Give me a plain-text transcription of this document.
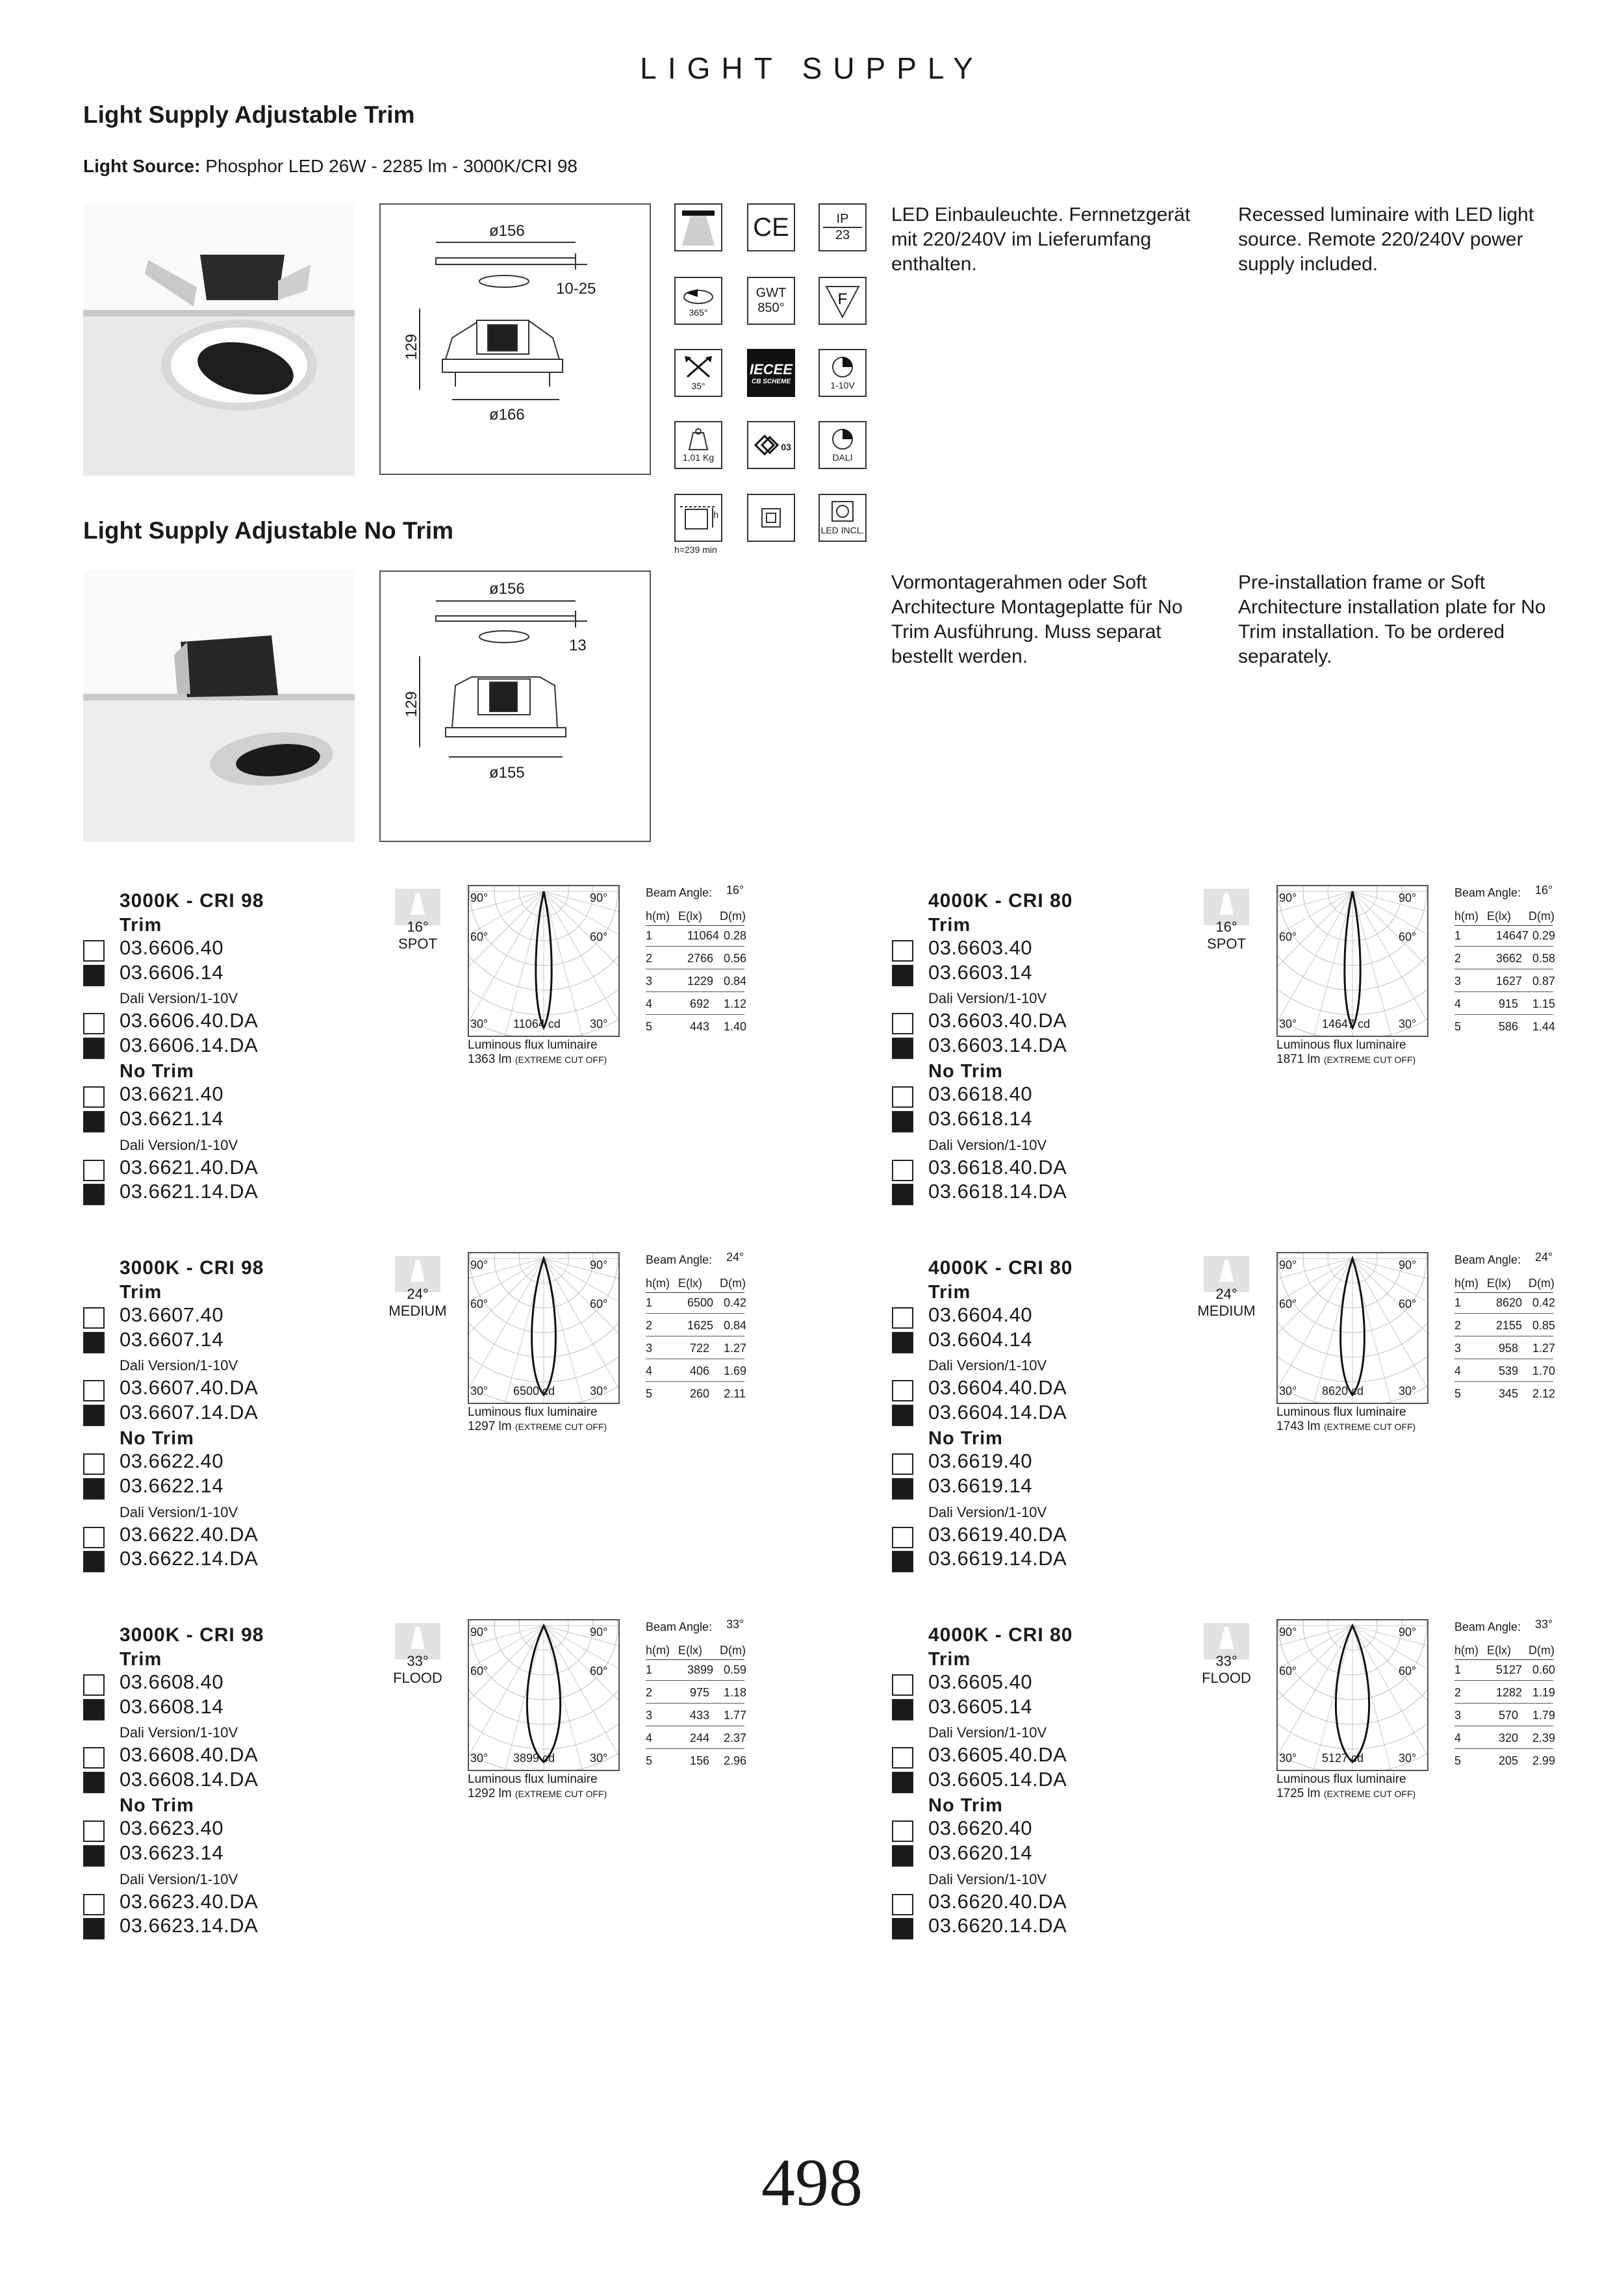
LIGHT SUPPLY
Light Supply Adjustable Trim
Light Source: Phosphor LED 26W - 2285 lm - 3000K/CRI 98
ø156
10-25
129
ø166
CE	IP
23
365°
GWT
850°	F
35°
IECEE
CB SCHEME	1-10V
1,01 Kg
03
DALI
h
h=239 min
LED INCL.
LED Einbauleuchte. Fernnetzgerät mit 220/240V im Lieferumfang enthalten.
Recessed luminaire with LED light source. Remote 220/240V power supply included.
Light Supply Adjustable No Trim
ø156
13
129
ø155
Vormontagerahmen oder Soft Architecture Montageplatte für No Trim Ausführung. Muss separat bestellt werden.
Pre-installation frame or Soft Architecture installation plate for No Trim installation. To be ordered separately.
3000K - CRI 98
Trim
03.6606.40
03.6606.14
03.6606.40.DA
03.6606.14.DA
03.6621.40
03.6621.14
03.6621.40.DA
03.6621.14.DA
Dali Version/1-10V
No Trim
Dali Version/1-10V
16°
SPOT
90°	90°
60°	60°
30°	30°
11064 cd
Luminous flux luminaire
1363 lm (EXTREME CUT OFF)
Beam Angle: 16°
h(m) E(lx) D(m)
1	11064 0.28
2	2766 0.56
3	1229 0.84
4	692 1.12
5	443 1.40
4000K - CRI 80
Trim
03.6603.40
03.6603.14
03.6603.40.DA
03.6603.14.DA
03.6618.40
03.6618.14
03.6618.40.DA
03.6618.14.DA
Dali Version/1-10V
No Trim
Dali Version/1-10V
16°
SPOT
90°	90°
60°	60°
30°	30°
14647 cd
Luminous flux luminaire
1871 lm (EXTREME CUT OFF)
Beam Angle: 16°
h(m) E(lx) D(m)
1	14647 0.29
2	3662 0.58
3	1627 0.87
4	915 1.15
5	586 1.44
3000K - CRI 98
Trim
03.6607.40
03.6607.14
03.6607.40.DA
03.6607.14.DA
03.6622.40
03.6622.14
03.6622.40.DA
03.6622.14.DA
Dali Version/1-10V
No Trim
Dali Version/1-10V
24°
MEDIUM
90°	90°
60°	60°
30°	30°
6500 cd
Luminous flux luminaire
1297 lm (EXTREME CUT OFF)
Beam Angle: 24°
h(m) E(lx) D(m)
1	6500 0.42
2	1625 0.84
3	722 1.27
4	406 1.69
5	260 2.11
4000K - CRI 80
Trim
03.6604.40
03.6604.14
03.6604.40.DA
03.6604.14.DA
03.6619.40
03.6619.14
03.6619.40.DA
03.6619.14.DA
Dali Version/1-10V
No Trim
Dali Version/1-10V
24°
MEDIUM
90°	90°
60°	60°
30°	30°
8620 cd
Luminous flux luminaire
1743 lm (EXTREME CUT OFF)
Beam Angle: 24°
h(m) E(lx) D(m)
1	8620 0.42
2	2155 0.85
3	958 1.27
4	539 1.70
5	345 2.12
3000K - CRI 98
Trim
03.6608.40
03.6608.14
03.6608.40.DA
03.6608.14.DA
03.6623.40
03.6623.14
03.6623.40.DA
03.6623.14.DA
Dali Version/1-10V
No Trim
Dali Version/1-10V
33°
FLOOD
90°	90°
60°	60°
30°	30°
3899 cd
Luminous flux luminaire
1292 lm (EXTREME CUT OFF)
Beam Angle: 33°
h(m) E(lx) D(m)
1	3899 0.59
2	975 1.18
3	433 1.77
4	244 2.37
5	156 2.96
4000K - CRI 80
Trim
03.6605.40
03.6605.14
03.6605.40.DA
03.6605.14.DA
03.6620.40
03.6620.14
03.6620.40.DA
03.6620.14.DA
Dali Version/1-10V
No Trim
Dali Version/1-10V
33°
FLOOD
90°	90°
60°	60°
30°	30°
5127 cd
Luminous flux luminaire
1725 lm (EXTREME CUT OFF)
Beam Angle: 33°
h(m) E(lx) D(m)
1	5127 0.60
2	1282 1.19
3	570 1.79
4	320 2.39
5	205 2.99
498
